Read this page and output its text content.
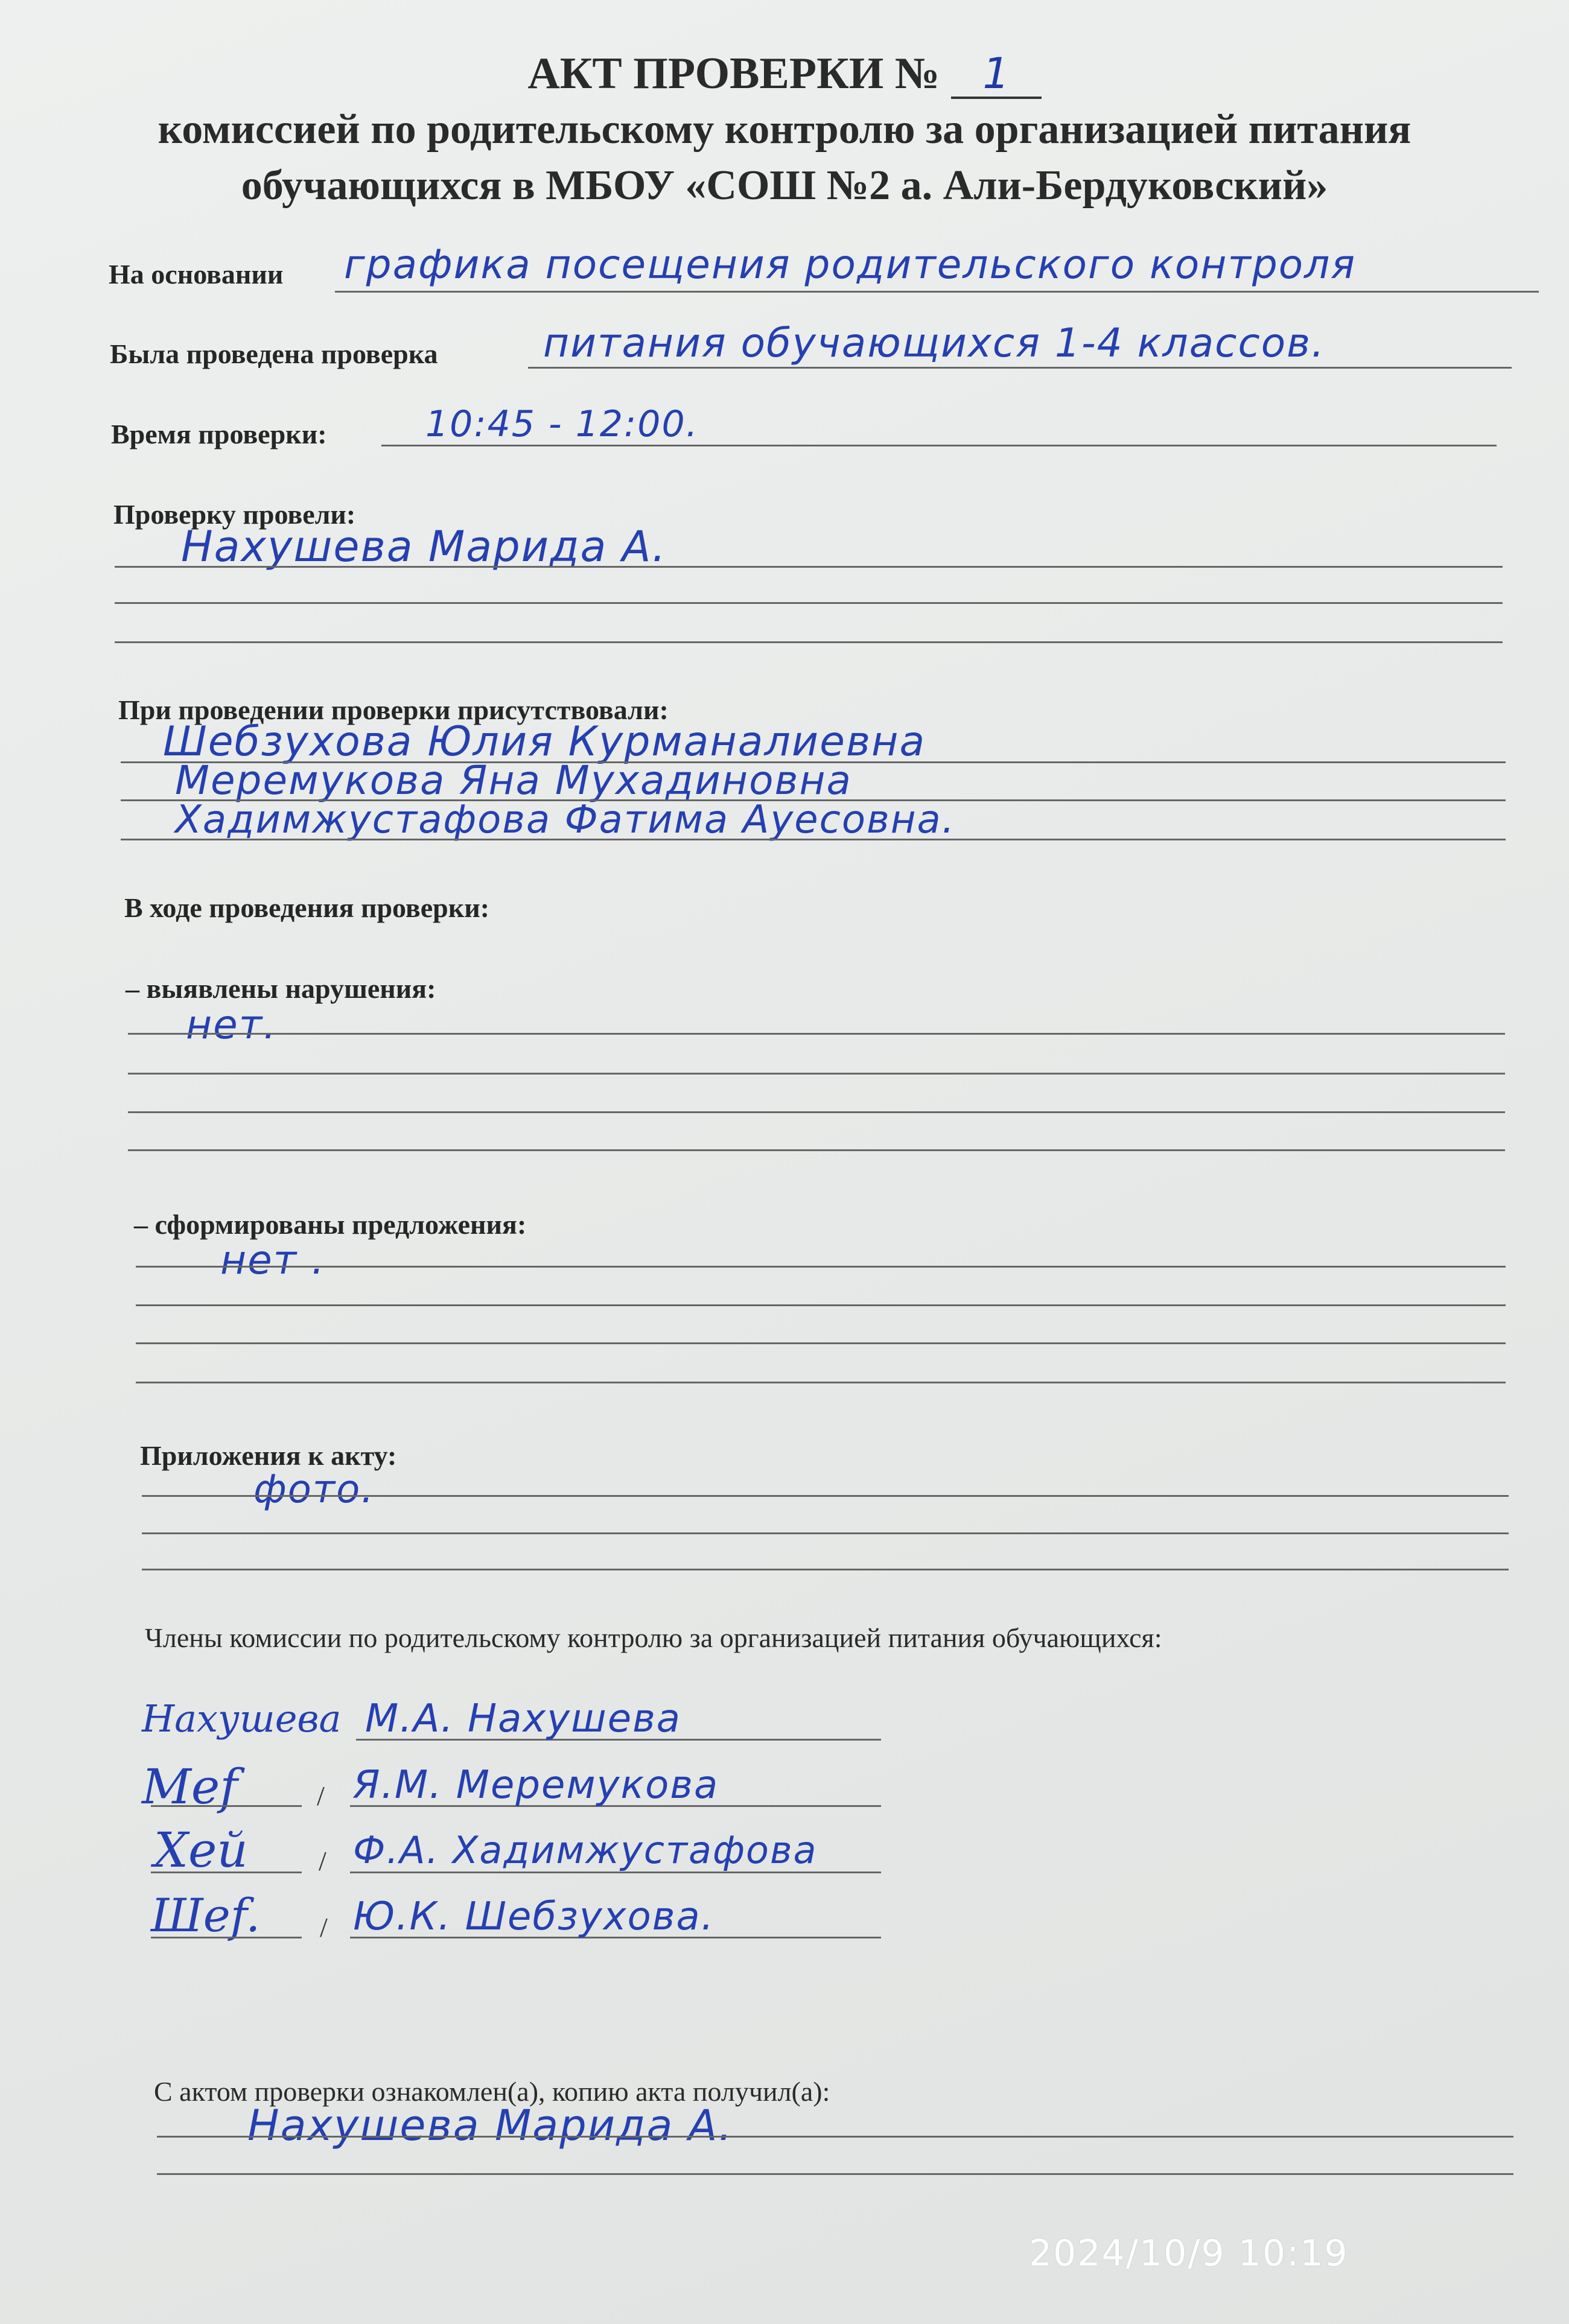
АКТ ПРОВЕРКИ № 1
комиссией по родительскому контролю за организацией питания
обучающихся в МБОУ «СОШ №2 а. Али-Бердуковский»
На основании графика посещения родительского контроля
Была проведена проверка	питания обучающихся 1-4 классов.
Время проверки:	10:45 - 12:00.
Проверку провели:
Нахушева Марида А.
При проведении проверки присутствовали:
Шебзухова Юлия Курманалиевна
Меремукова Яна Мухадиновна
Хадимжустафова Фатима Ауесовна.
В ходе проведения проверки:
– выявлены нарушения:
нет.
– сформированы предложения:
нет .
Приложения к акту:
фото.
Члены комиссии по родительскому контролю за организацией питания обучающихся:
Нахушева М.А. Нахушева
Меf	/ Я.М. Меремукова
Хей	/ Ф.А. Хадимжустафова
Шеf. / Ю.К. Шебзухова.
С актом проверки ознакомлен(а), копию акта получил(а):
Нахушева Марида А.
2024/10/9 10:19
